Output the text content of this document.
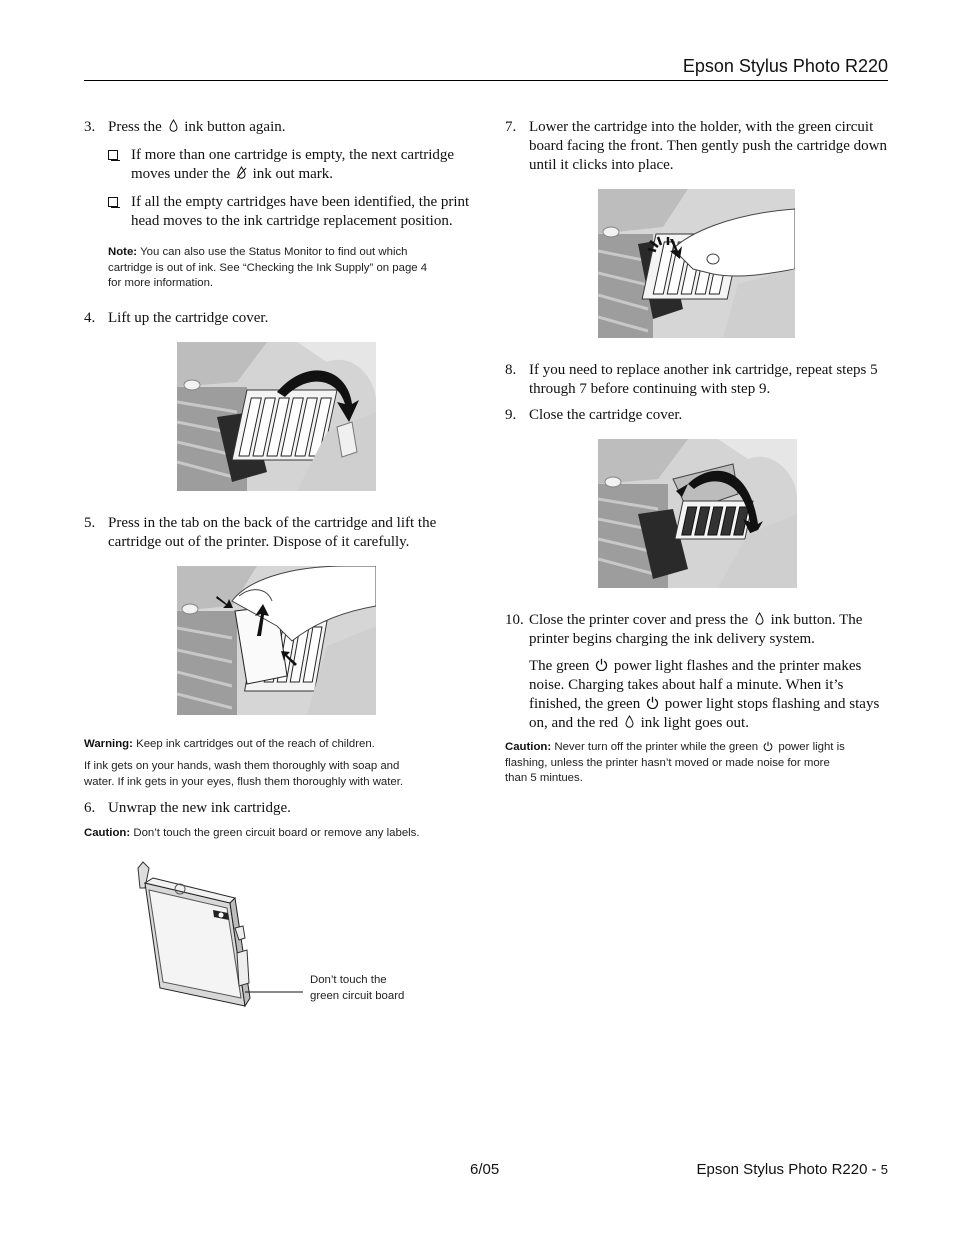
Epson Stylus Photo R220
3. Press the ink button again.
If more than one cartridge is empty, the next cartridge
moves under the ink out mark.
If all the empty cartridges have been identified, the print
head moves to the ink cartridge replacement position.
Note: You can also use the Status Monitor to find out which
cartridge is out of ink. See “Checking the Ink Supply” on page 4
for more information.
4. Lift up the cartridge cover.
5. Press in the tab on the back of the cartridge and lift the
cartridge out of the printer. Dispose of it carefully.
Warning: Keep ink cartridges out of the reach of children.
If ink gets on your hands, wash them thoroughly with soap and
water. If ink gets in your eyes, flush them thoroughly with water.
6. Unwrap the new ink cartridge.
Caution: Don’t touch the green circuit board or remove any labels.
Don’t touch the
green circuit board
7. Lower the cartridge into the holder, with the green circuit
board facing the front. Then gently push the cartridge down
until it clicks into place.
8. If you need to replace another ink cartridge, repeat steps 5
through 7 before continuing with step 9.
9. Close the cartridge cover.
10. Close the printer cover and press the ink button. The
printer begins charging the ink delivery system.
The green power light flashes and the printer makes
noise. Charging takes about half a minute. When it’s
finished, the green power light stops flashing and stays
on, and the red ink light goes out.
Caution: Never turn off the printer while the green power light is
flashing, unless the printer hasn’t moved or made noise for more
than 5 mintues.
6/05	Epson Stylus Photo R220 - 5
